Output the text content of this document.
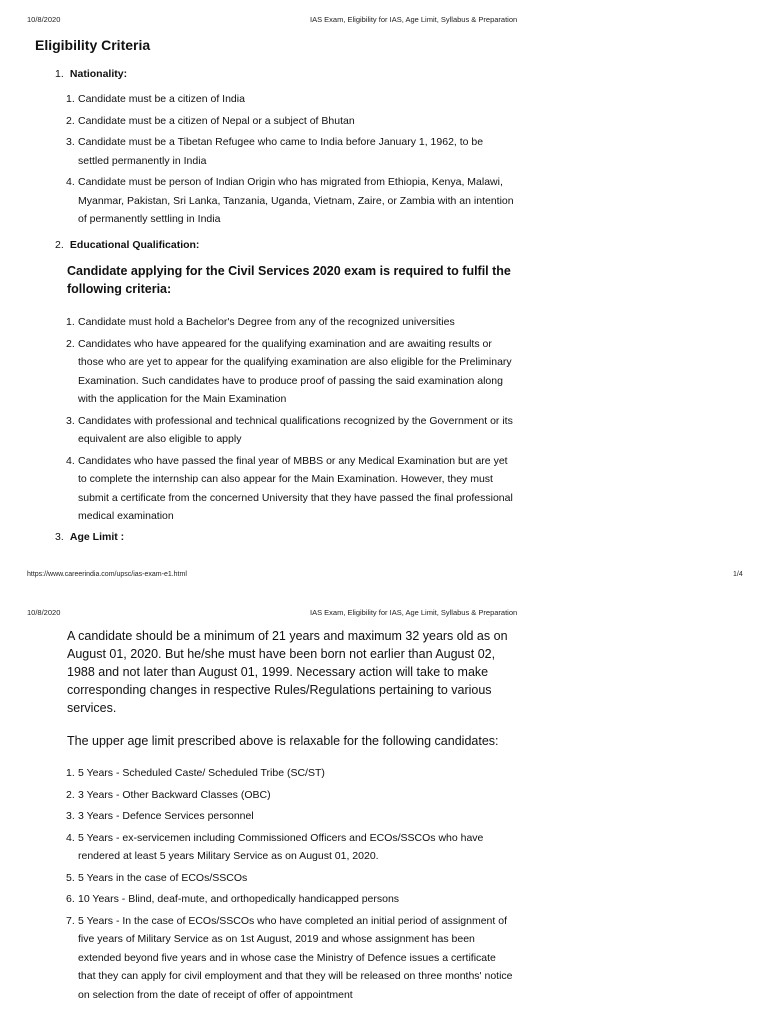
10/8/2020	IAS Exam, Eligibility for IAS, Age Limit, Syllabus & Preparation
Eligibility Criteria
1. Nationality:
1. Candidate must be a citizen of India
2. Candidate must be a citizen of Nepal or a subject of Bhutan
3. Candidate must be a Tibetan Refugee who came to India before January 1, 1962, to be settled permanently in India
4. Candidate must be person of Indian Origin who has migrated from Ethiopia, Kenya, Malawi, Myanmar, Pakistan, Sri Lanka, Tanzania, Uganda, Vietnam, Zaire, or Zambia with an intention of permanently settling in India
2. Educational Qualification:
Candidate applying for the Civil Services 2020 exam is required to fulfil the following criteria:
1. Candidate must hold a Bachelor's Degree from any of the recognized universities
2. Candidates who have appeared for the qualifying examination and are awaiting results or those who are yet to appear for the qualifying examination are also eligible for the Preliminary Examination. Such candidates have to produce proof of passing the said examination along with the application for the Main Examination
3. Candidates with professional and technical qualifications recognized by the Government or its equivalent are also eligible to apply
4. Candidates who have passed the final year of MBBS or any Medical Examination but are yet to complete the internship can also appear for the Main Examination. However, they must submit a certificate from the concerned University that they have passed the final professional medical examination
3. Age Limit :
https://www.careerindia.com/upsc/ias-exam-e1.html	1/4
10/8/2020	IAS Exam, Eligibility for IAS, Age Limit, Syllabus & Preparation
A candidate should be a minimum of 21 years and maximum 32 years old as on August 01, 2020. But he/she must have been born not earlier than August 02, 1988 and not later than August 01, 1999. Necessary action will take to make corresponding changes in respective Rules/Regulations pertaining to various services.
The upper age limit prescribed above is relaxable for the following candidates:
1. 5 Years - Scheduled Caste/ Scheduled Tribe (SC/ST)
2. 3 Years - Other Backward Classes (OBC)
3. 3 Years - Defence Services personnel
4. 5 Years - ex-servicemen including Commissioned Officers and ECOs/SSCOs who have rendered at least 5 years Military Service as on August 01, 2020.
5. 5 Years in the case of ECOs/SSCOs
6. 10 Years - Blind, deaf-mute, and orthopedically handicapped persons
7. 5 Years - In the case of ECOs/SSCOs who have completed an initial period of assignment of five years of Military Service as on 1st August, 2019 and whose assignment has been extended beyond five years and in whose case the Ministry of Defence issues a certificate that they can apply for civil employment and that they will be released on three months' notice on selection from the date of receipt of offer of appointment
